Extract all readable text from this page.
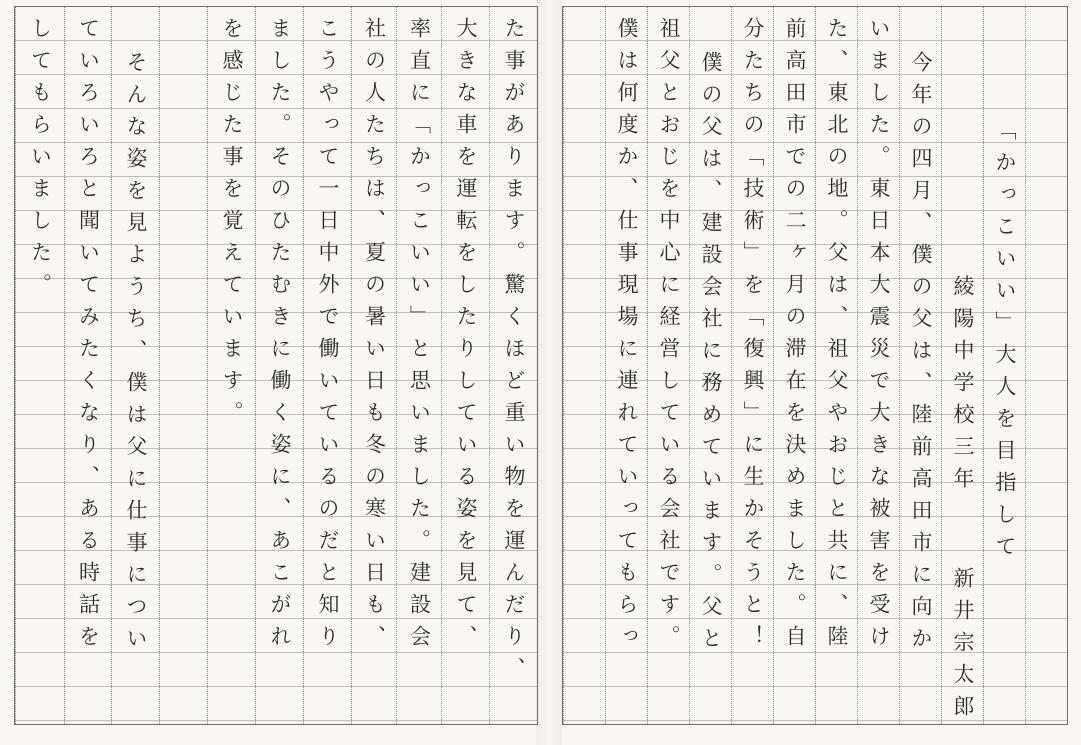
僕は何度か、仕事現場に連れていってもらっ 祖父とおじを中心に経営している会社です。 僕の父は、建設会社に務めています。父と 分たちの「技術」を「復興」に生かそうと！ 前高田市での二ヶ月の滞在を決めました。自 た、東北の地。父は、祖父やおじと共に、陸 いました。東日本大震災で大きな被害を受け 今年の四月、僕の父は、陸前高田市に向か 綾陽中学校三年
新井宗太郎
「かっこいい」大人を目指して
してもらいました。 ていろいろと聞いてみたくなり、ある時話を そんな姿を見ようち、僕は父に仕事につい	を感じた事を覚えています。 ました。そのひたむきに働く姿に、あこがれ こうやって一日中外で働いているのだと知り 社の人たちは、夏の暑い日も冬の寒い日も、 率直に「かっこいい」と思いました。建設会 大きな車を運転をしたりしている姿を見て、 た事があります。驚くほど重い物を運んだり、
